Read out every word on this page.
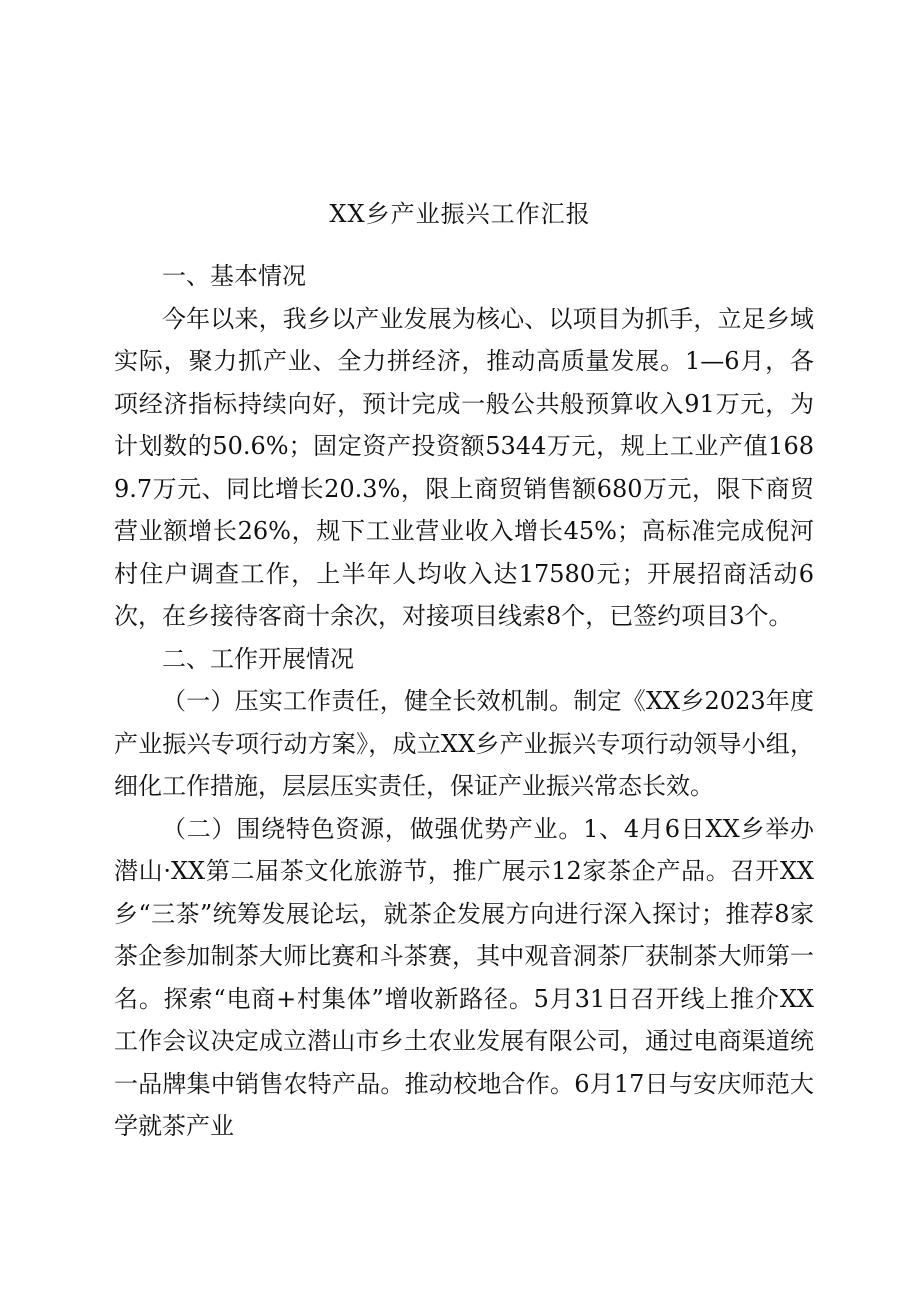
XX乡产业振兴工作汇报

一、基本情况

今年以来，我乡以产业发展为核心、以项目为抓手，立足乡域实际，聚力抓产业、全力拼经济，推动高质量发展。1—6月，各项经济指标持续向好，预计完成一般公共般预算收入91万元，为计划数的50.6%；固定资产投资额5344万元，规上工业产值1689.7万元、同比增长20.3%，限上商贸销售额680万元，限下商贸营业额增长26%，规下工业营业收入增长45%；高标准完成倪河村住户调查工作，上半年人均收入达17580元；开展招商活动6次，在乡接待客商十余次，对接项目线索8个，已签约项目3个。

二、工作开展情况

（一）压实工作责任，健全长效机制。制定《XX乡2023年度产业振兴专项行动方案》，成立XX乡产业振兴专项行动领导小组，细化工作措施，层层压实责任，保证产业振兴常态长效。

（二）围绕特色资源，做强优势产业。1、4月6日XX乡举办潜山·XX第二届茶文化旅游节，推广展示12家茶企产品。召开XX乡“三茶”统筹发展论坛，就茶企发展方向进行深入探讨；推荐8家茶企参加制茶大师比赛和斗茶赛，其中观音洞茶厂获制茶大师第一名。探索“电商+村集体”增收新路径。5月31日召开线上推介XX工作会议决定成立潜山市乡土农业发展有限公司，通过电商渠道统一品牌集中销售农特产品。推动校地合作。6月17日与安庆师范大学就茶产业
